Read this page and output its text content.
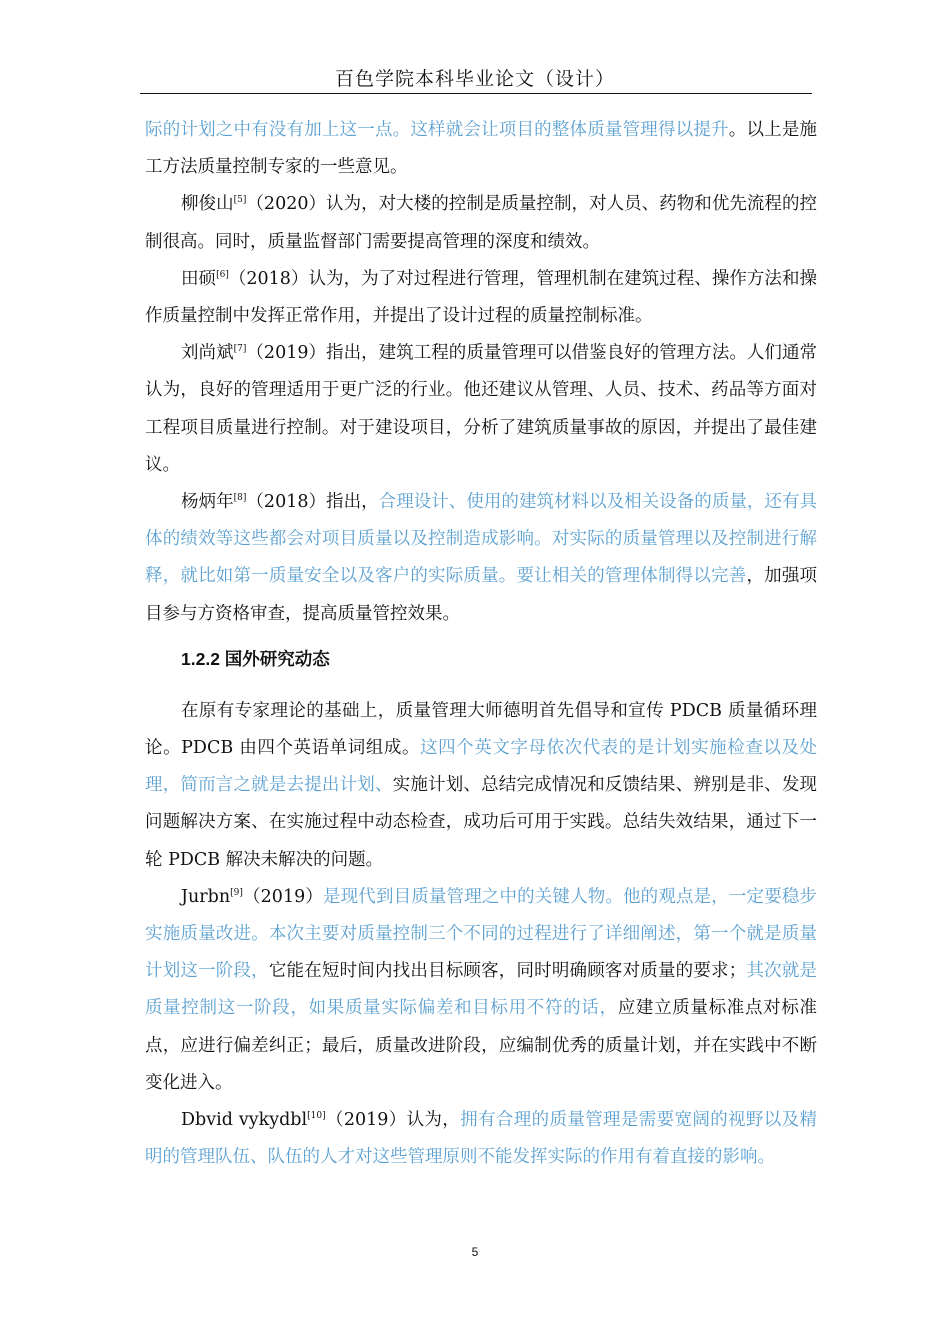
百色学院本科毕业论文（设计）

际的计划之中有没有加上这一点。这样就会让项目的整体质量管理得以提升。以上是施工方法质量控制专家的一些意见。

柳俊山[5]（2020）认为，对大楼的控制是质量控制，对人员、药物和优先流程的控制很高。同时，质量监督部门需要提高管理的深度和绩效。

田硕[6]（2018）认为，为了对过程进行管理，管理机制在建筑过程、操作方法和操作质量控制中发挥正常作用，并提出了设计过程的质量控制标准。

刘尚斌[7]（2019）指出，建筑工程的质量管理可以借鉴良好的管理方法。人们通常认为，良好的管理适用于更广泛的行业。他还建议从管理、人员、技术、药品等方面对工程项目质量进行控制。对于建设项目，分析了建筑质量事故的原因，并提出了最佳建议。

杨炳年[8]（2018）指出，合理设计、使用的建筑材料以及相关设备的质量，还有具体的绩效等这些都会对项目质量以及控制造成影响。对实际的质量管理以及控制进行解释，就比如第一质量安全以及客户的实际质量。要让相关的管理体制得以完善，加强项目参与方资格审查，提高质量管控效果。

1.2.2 国外研究动态

在原有专家理论的基础上，质量管理大师德明首先倡导和宣传 PDCB 质量循环理论。PDCB 由四个英语单词组成。这四个英文字母依次代表的是计划实施检查以及处理，简而言之就是去提出计划、实施计划、总结完成情况和反馈结果、辨别是非、发现问题解决方案、在实施过程中动态检查，成功后可用于实践。总结失效结果，通过下一轮 PDCB 解决未解决的问题。

Jurbn[9]（2019）是现代到目质量管理之中的关键人物。他的观点是，一定要稳步实施质量改进。本次主要对质量控制三个不同的过程进行了详细阐述，第一个就是质量计划这一阶段，它能在短时间内找出目标顾客，同时明确顾客对质量的要求；其次就是质量控制这一阶段，如果质量实际偏差和目标用不符的话，应建立质量标准点对标准点，应进行偏差纠正；最后，质量改进阶段，应编制优秀的质量计划，并在实践中不断变化进入。

Dbvid vykydbl[10]（2019）认为，拥有合理的质量管理是需要宽阔的视野以及精明的管理队伍、队伍的人才对这些管理原则不能发挥实际的作用有着直接的影响。

5
